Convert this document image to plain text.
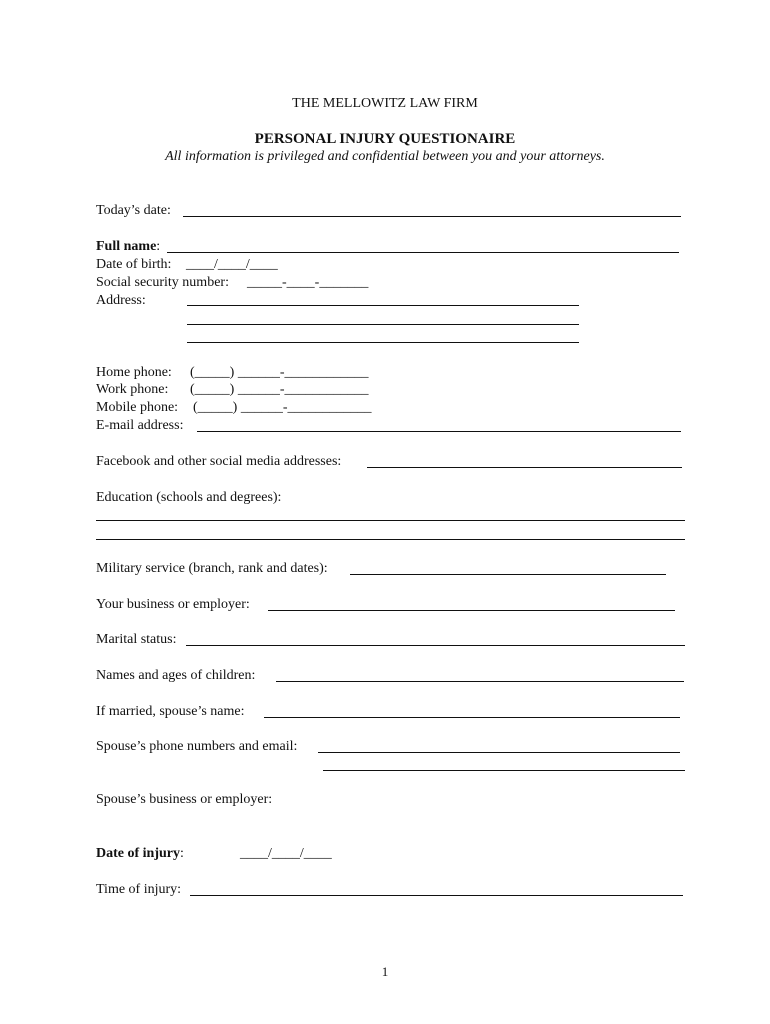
THE MELLOWITZ LAW FIRM
PERSONAL INJURY QUESTIONAIRE
All information is privileged and confidential between you and your attorneys.
Today’s date:
Full name:
Date of birth: ____/____/____
Social security number: _____-____-_______
Address:
Home phone: (_____) ______-____________
Work phone: (_____) ______-____________
Mobile phone: (_____) ______-____________
E-mail address:
Facebook and other social media addresses:
Education (schools and degrees):
Military service (branch, rank and dates):
Your business or employer:
Marital status:
Names and ages of children:
If married, spouse’s name:
Spouse’s phone numbers and email:
Spouse’s business or employer:
Date of injury:	____/____/____
Time of injury:
1
